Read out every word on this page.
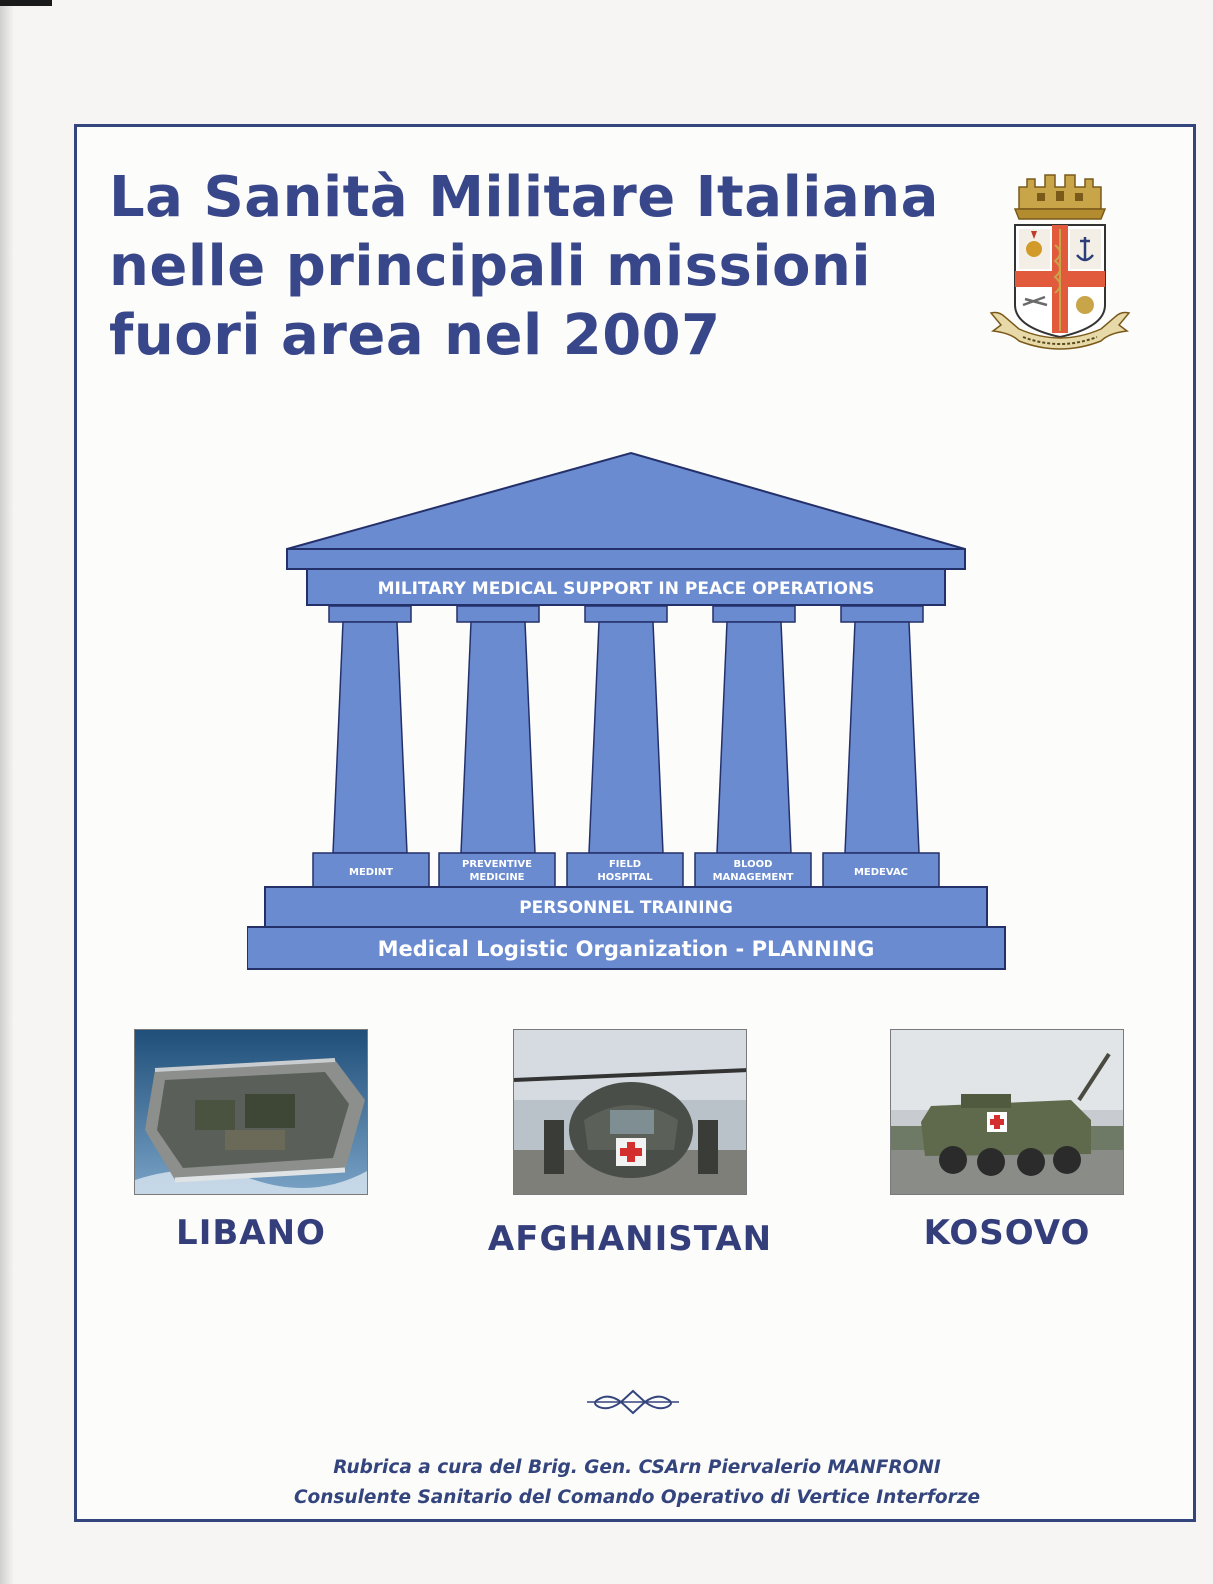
La Sanità Militare Italiana
nelle principali missioni
fuori area nel 2007
MILITARY MEDICAL SUPPORT IN PEACE OPERATIONS
MEDINT
PREVENTIVE
MEDICINE
FIELD
HOSPITAL
BLOOD
MANAGEMENT	MEDEVAC
PERSONNEL TRAINING
Medical Logistic Organization - PLANNING

LIBANO	AFGHANISTAN	KOSOVO

Rubrica a cura del Brig. Gen. CSArn Piervalerio MANFRONI
Consulente Sanitario del Comando Operativo di Vertice Interforze
